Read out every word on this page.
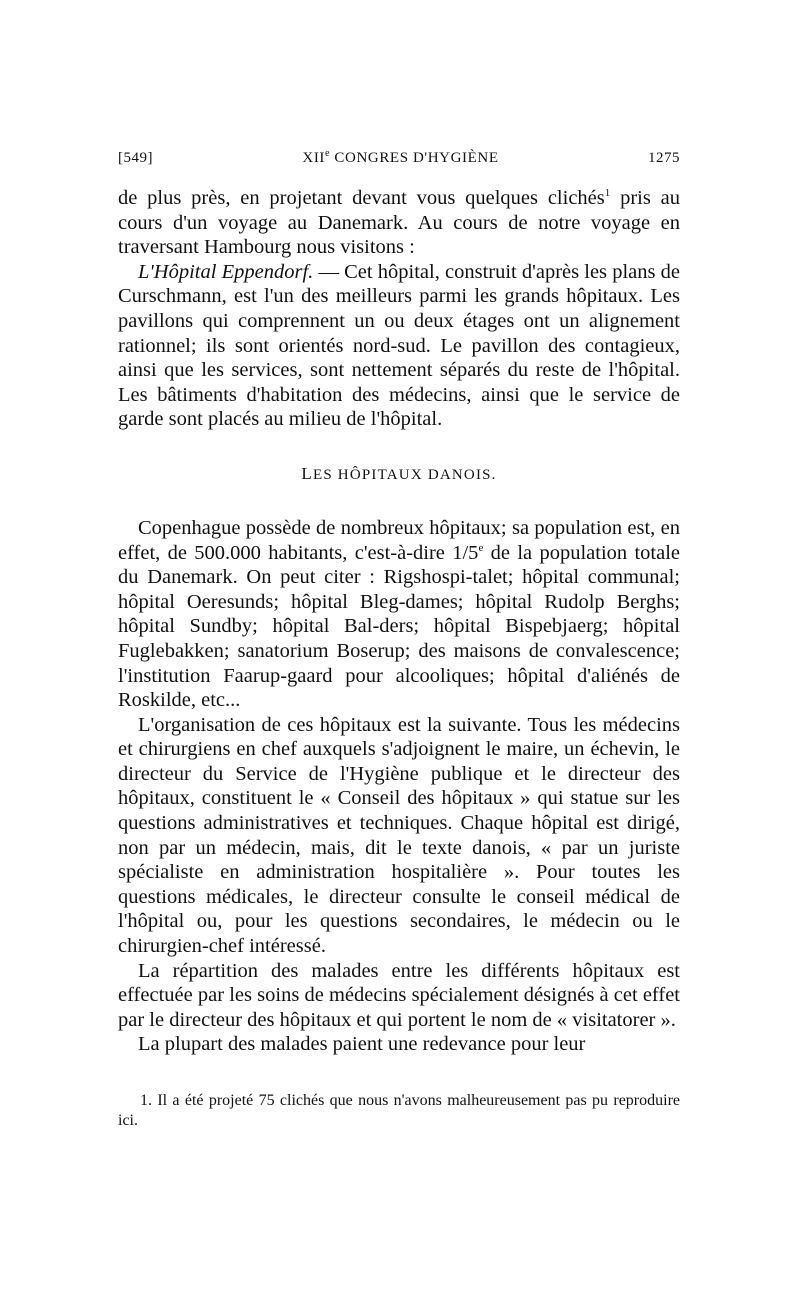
[549]	XIIe CONGRES D'HYGIÈNE	1275

de plus près, en projetant devant vous quelques clichés$^1$ pris au cours d'un voyage au Danemark. Au cours de notre voyage en traversant Hambourg nous visitons :

L'Hôpital Eppendorf. — Cet hôpital, construit d'après les plans de Curschmann, est l'un des meilleurs parmi les grands hôpitaux. Les pavillons qui comprennent un ou deux étages ont un alignement rationnel; ils sont orientés nord-sud. Le pavillon des contagieux, ainsi que les services, sont nettement séparés du reste de l'hôpital. Les bâtiments d'habitation des médecins, ainsi que le service de garde sont placés au milieu de l'hôpital.

LES HÔPITAUX DANOIS.

Copenhague possède de nombreux hôpitaux; sa population est, en effet, de 500.000 habitants, c'est-à-dire 1/5e de la population totale du Danemark. On peut citer : Rigshospi-talet; hôpital communal; hôpital Oeresunds; hôpital Bleg-dames; hôpital Rudolp Berghs; hôpital Sundby; hôpital Bal-ders; hôpital Bispebjaerg; hôpital Fuglebakken; sanatorium Boserup; des maisons de convalescence; l'institution Faarup-gaard pour alcooliques; hôpital d'aliénés de Roskilde, etc...

L'organisation de ces hôpitaux est la suivante. Tous les médecins et chirurgiens en chef auxquels s'adjoignent le maire, un échevin, le directeur du Service de l'Hygiène publique et le directeur des hôpitaux, constituent le « Conseil des hôpitaux » qui statue sur les questions administratives et techniques. Chaque hôpital est dirigé, non par un médecin, mais, dit le texte danois, « par un juriste spécialiste en administration hospitalière ». Pour toutes les questions médicales, le directeur consulte le conseil médical de l'hôpital ou, pour les questions secondaires, le médecin ou le chirurgien-chef intéressé.

La répartition des malades entre les différents hôpitaux est effectuée par les soins de médecins spécialement désignés à cet effet par le directeur des hôpitaux et qui portent le nom de « visitatorer ».

La plupart des malades paient une redevance pour leur

1. Il a été projeté 75 clichés que nous n'avons malheureusement pas pu reproduire ici.
